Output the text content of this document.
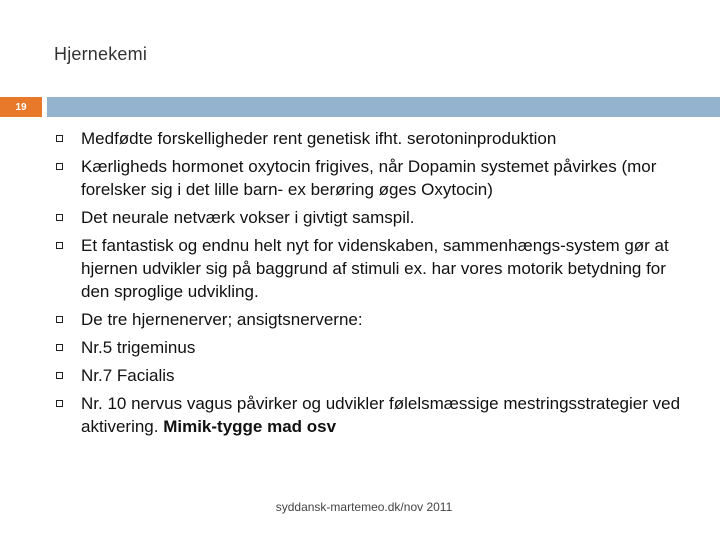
Hjernekemi
19
Medfødte forskelligheder rent genetisk ifht. serotoninproduktion
Kærligheds hormonet oxytocin frigives, når Dopamin systemet påvirkes (mor forelsker sig i det lille barn- ex berøring øges Oxytocin)
Det neurale netværk vokser i givtigt samspil.
Et fantastisk og endnu helt nyt for videnskaben, sammenhængs-system gør at hjernen udvikler sig på baggrund af stimuli ex. har vores motorik betydning for den sproglige udvikling.
De tre hjernenerver; ansigtsnerverne:
Nr.5 trigeminus
Nr.7 Facialis
Nr. 10 nervus vagus påvirker og udvikler følelsmæssige mestringsstrategier ved aktivering. Mimik-tygge mad osv
syddansk-martemeo.dk/nov 2011
